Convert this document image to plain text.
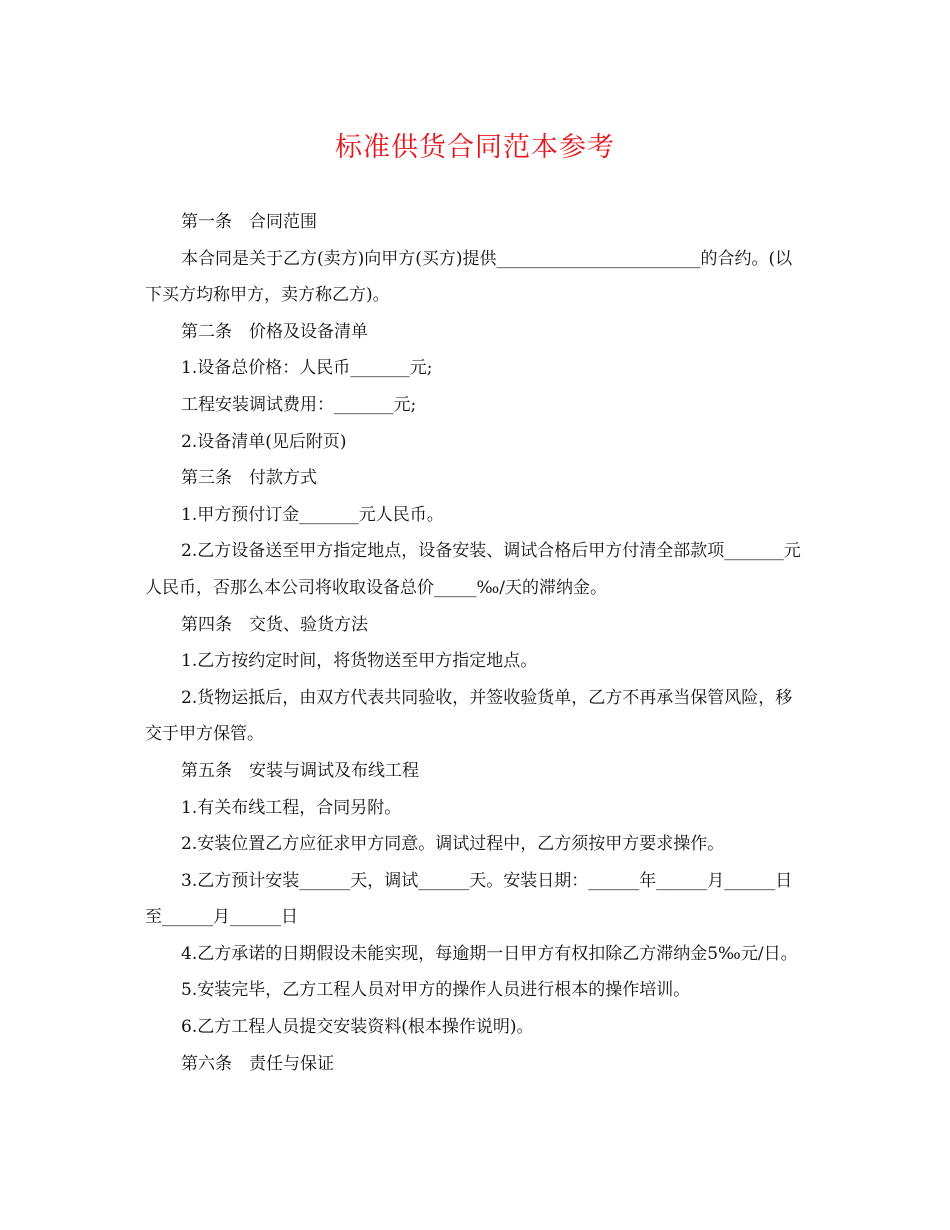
标准供货合同范本参考

第一条　合同范围

本合同是关于乙方(卖方)向甲方(买方)提供________________________的合约。(以下买方均称甲方，卖方称乙方)。

第二条　价格及设备清单

1.设备总价格：人民币_______元;

工程安装调试费用：_______元;

2.设备清单(见后附页)

第三条　付款方式

1.甲方预付订金_______元人民币。

2.乙方设备送至甲方指定地点，设备安装、调试合格后甲方付清全部款项_______元人民币，否那么本公司将收取设备总价_____‰/天的滞纳金。

第四条　交货、验货方法

1.乙方按约定时间，将货物送至甲方指定地点。

2.货物运抵后，由双方代表共同验收，并签收验货单，乙方不再承当保管风险，移交于甲方保管。

第五条　安装与调试及布线工程

1.有关布线工程，合同另附。

2.安装位置乙方应征求甲方同意。调试过程中，乙方须按甲方要求操作。

3.乙方预计安装______天，调试______天。安装日期：______年______月______日至______月______日

4.乙方承诺的日期假设未能实现，每逾期一日甲方有权扣除乙方滞纳金5‰元/日。

5.安装完毕，乙方工程人员对甲方的操作人员进行根本的操作培训。

6.乙方工程人员提交安装资料(根本操作说明)。

第六条　责任与保证
